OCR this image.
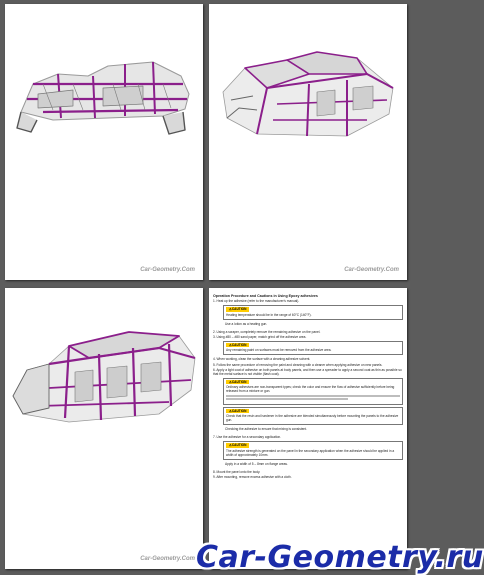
Car-Geometry.Com	Car-Geometry.Com
Car-Geometry.Com
Operation Procedure and Cautions in Using Epoxy adhesives
1. Heat up the adhesive (refer to the manufacturer's manual).
⚠ CAUTION
Heating temperature should be in the range of 60°C (140°F).
Use a lotion as a heating gun.
2. Using a scraper, completely remove the remaining adhesive on the panel.
3. Using #80 – #80 sand paper, match grind off the adhesive area.
⚠ CAUTION
Any remaining paint on surfaces must be removed from the adhesive area.
4. When working, clean the surface with a cleaning adhesive solvent.
5. Follow the same procedure of removing the paint and cleaning with a cleaner when applying adhesive on new panels.
6. Apply a light coat of adhesive on both panels at body panels, and then use a spreader to apply a second coat as thin as possible so that the metal surface is not visible (flash coat).
⚠ CAUTION
Ordinary adhesives are non-transparent types; check the color and ensure the flow of adhesive sufficiently before being released from a mixture or gun.
⚠ CAUTION
Check that the resin and hardener in the adhesive are blended simultaneously before mounting the panels to the adhesive gun.
Checking the adhesive to ensure that mixing is consistent.
7. Use the adhesive for a secondary application.
⚠ CAUTION
The adhesive strength is generated on the panel in the secondary application when the adhesive should be applied in a width of approximately 10mm.
Apply in a width of 5 – 8mm on flange areas.
8. Mount the panel onto the body.
9. After mounting, remove excess adhesive with a cloth.
Car-Geometry.ru
